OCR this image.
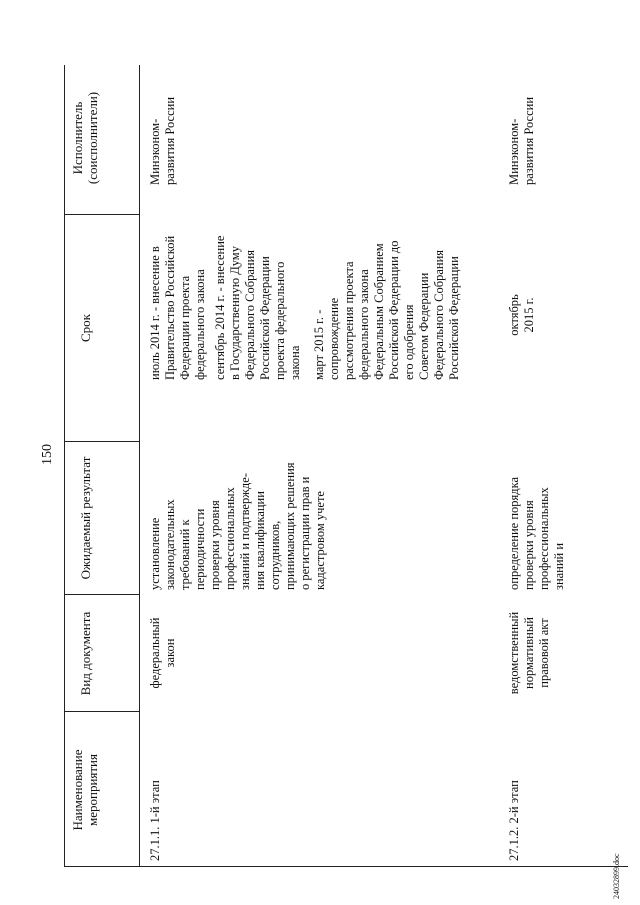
150
Наименование
мероприятия
Вид документа
Ожидаемый результат
Срок
Исполнитель
(соисполнители)
27.1.1. 1-й этап
федеральный
закон
установление
законодательных
требований к
периодичности
проверки уровня
профессиональных
знаний и подтвержде-
ния квалификации
сотрудников,
принимающих решения
о регистрации прав и
кадастровом учете
июль 2014 г. - внесение в
Правительство Российской
Федерации проекта
федерального закона
сентябрь 2014 г. - внесение
в Государственную Думу
Федерального Собрания
Российской Федерации
проекта федерального
закона март 2015 г. -
сопровождение
рассмотрения проекта
федерального закона
Федеральным Собранием
Российской Федерации до
его одобрения
Советом Федерации
Федерального Собрания
Российской Федерации
Минэконом-
развития России
27.1.2. 2-й этап
ведомственный
нормативный
правовой акт
определение порядка
проверки уровня
профессиональных
знаний и
октябрь
2015 г.
Минэконом-
развития России
24032899.doc
